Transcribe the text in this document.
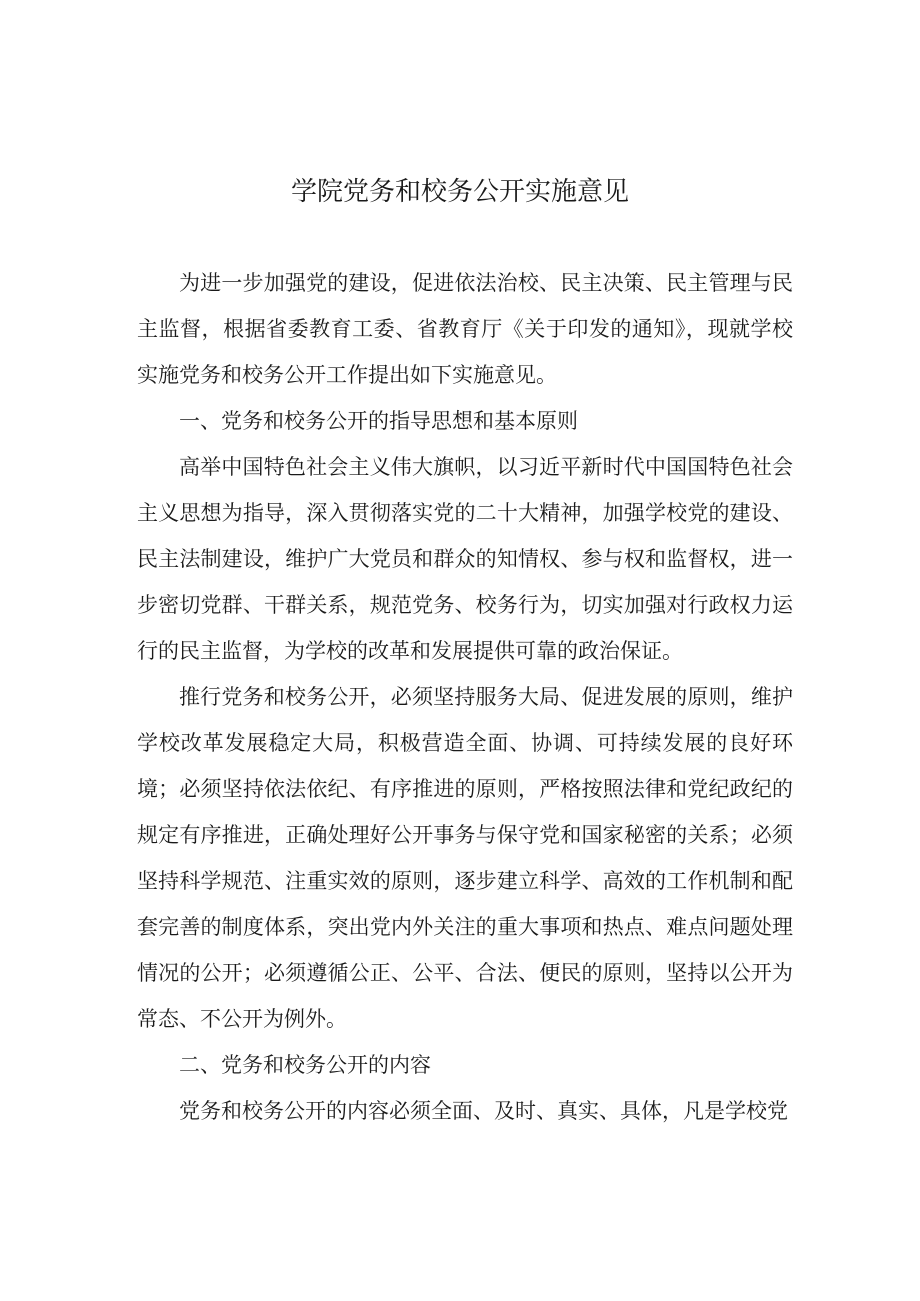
学院党务和校务公开实施意见

为进一步加强党的建设，促进依法治校、民主决策、民主管理与民主监督，根据省委教育工委、省教育厅《关于印发的通知》，现就学校实施党务和校务公开工作提出如下实施意见。

一、党务和校务公开的指导思想和基本原则

高举中国特色社会主义伟大旗帜，以习近平新时代中国国特色社会主义思想为指导，深入贯彻落实党的二十大精神，加强学校党的建设、民主法制建设，维护广大党员和群众的知情权、参与权和监督权，进一步密切党群、干群关系，规范党务、校务行为，切实加强对行政权力运行的民主监督，为学校的改革和发展提供可靠的政治保证。

推行党务和校务公开，必须坚持服务大局、促进发展的原则，维护学校改革发展稳定大局，积极营造全面、协调、可持续发展的良好环境；必须坚持依法依纪、有序推进的原则，严格按照法律和党纪政纪的规定有序推进，正确处理好公开事务与保守党和国家秘密的关系；必须坚持科学规范、注重实效的原则，逐步建立科学、高效的工作机制和配套完善的制度体系，突出党内外关注的重大事项和热点、难点问题处理情况的公开；必须遵循公正、公平、合法、便民的原则，坚持以公开为常态、不公开为例外。

二、党务和校务公开的内容

党务和校务公开的内容必须全面、及时、真实、具体，凡是学校党
